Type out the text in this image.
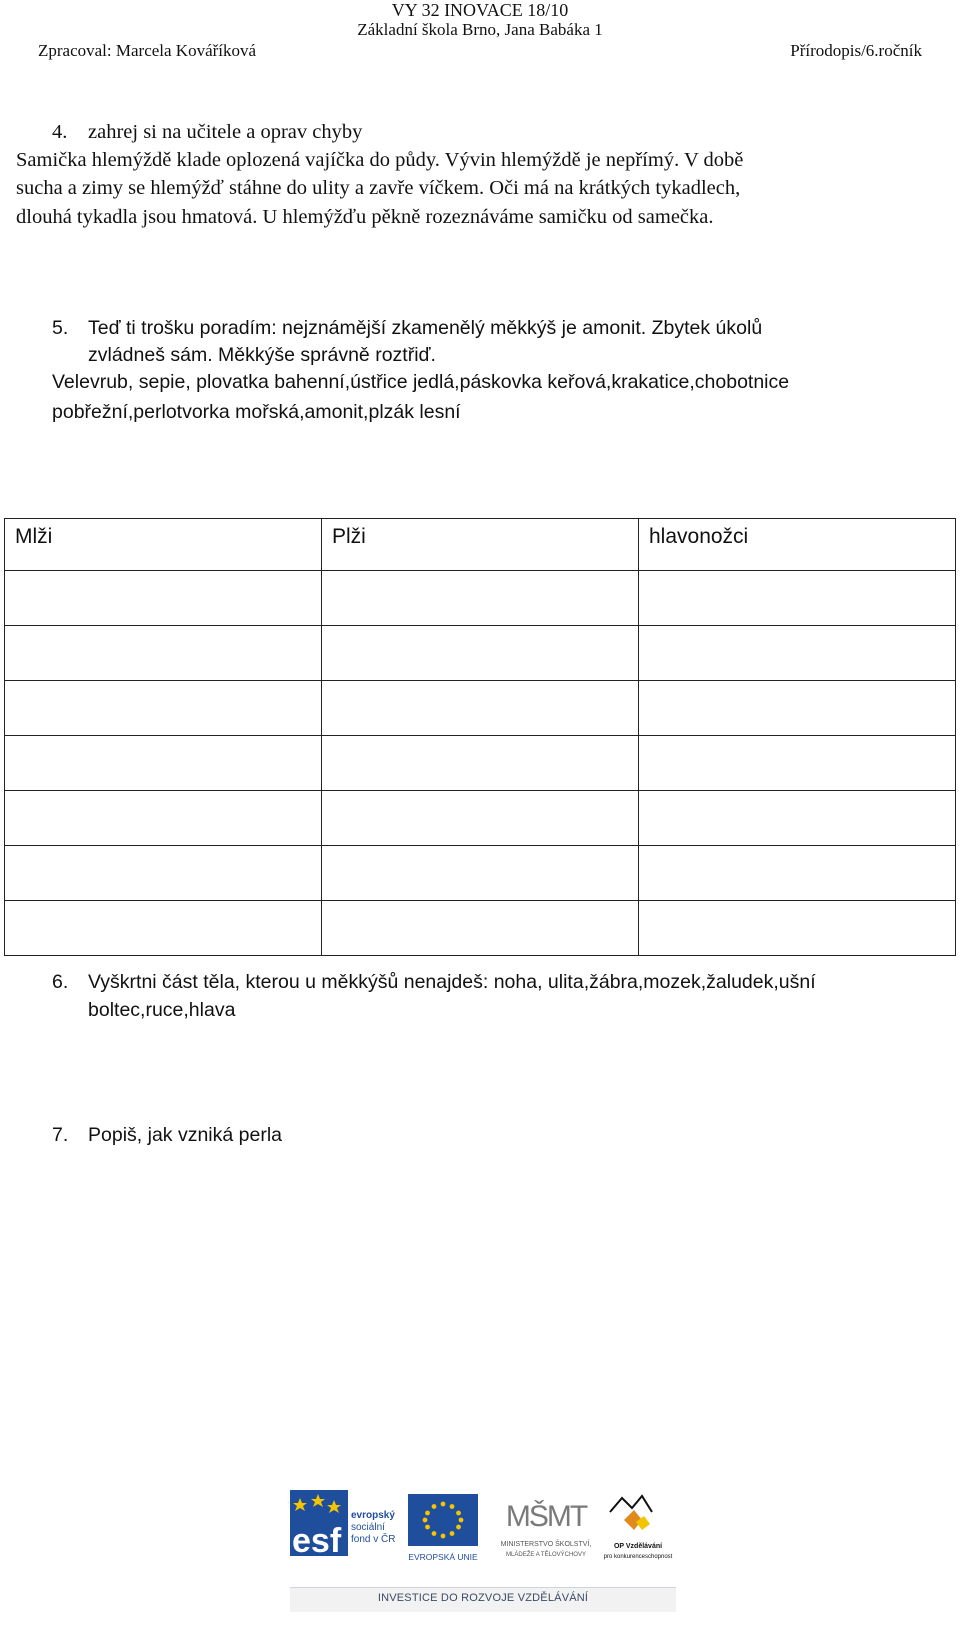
VY 32 INOVACE 18/10
Základní škola Brno, Jana Babáka 1
Zpracoval: Marcela Kováříková	Přírodopis/6.ročník
4. zahrej si na učitele a oprav chyby
Samička hlemýždě klade oplozená vajíčka do půdy. Vývin hlemýždě je nepřímý. V době
sucha a zimy se hlemýžď stáhne do ulity a zavře víčkem. Oči má na krátkých tykadlech,
dlouhá tykadla jsou hmatová. U hlemýžďu pěkně rozeznáváme samičku od samečka.
5. Teď ti trošku poradím: nejznámější zkamenělý měkkýš je amonit. Zbytek úkolů
zvládneš sám. Měkkýše správně roztřiď.
Velevrub, sepie, plovatka bahenní,ústřice jedlá,páskovka keřová,krakatice,chobotnice
pobřežní,perlotvorka mořská,amonit,plzák lesní
Mlži	Plži	hlavonožci

6. Vyškrtni část těla, kterou u měkkýšů nenajdeš: noha, ulita,žábra,mozek,žaludek,ušní
boltec,ruce,hlava
7. Popiš, jak vzniká perla
esf
evropský
sociální
fond v ČR
EVROPSKÁ UNIE
MŠMT
MINISTERSTVO ŠKOLSTVÍ,
MLÁDEŽE A TĚLOVÝCHOVY
OP Vzdělávání
pro konkurenceschopnost
INVESTICE DO ROZVOJE VZDĚLÁVÁNÍ
